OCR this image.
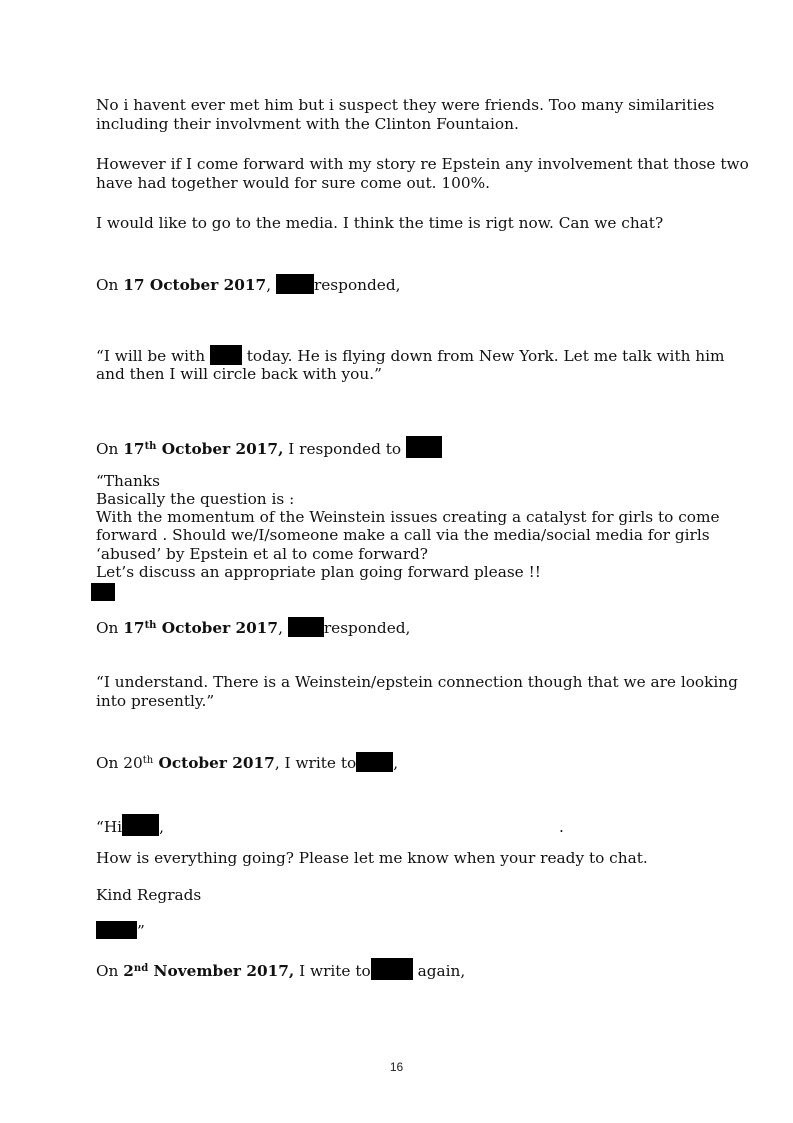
No i havent ever met him but i suspect they were friends. Too many similarities
including their involvment with the Clinton Fountaion.
However if I come forward with my story re Epstein any involvement that those two
have had together would for sure come out. 100%.
I would like to go to the media. I think the time is rigt now. Can we chat?
On 17 October 2017,	responded,
“I will be with  today. He is flying down from New York. Let me talk with him
and then I will circle back with you.”
On 17th October 2017, I responded to
“Thanks
Basically the question is :
With the momentum of the Weinstein issues creating a catalyst for girls to come
forward . Should we/I/someone make a call via the media/social media for girls
‘abused’ by Epstein et al to come forward?
Let’s discuss an appropriate plan going forward please !!
On 17th October 2017,	responded,
“I understand. There is a Weinstein/epstein connection though that we are looking
into presently.”
On 20th October 2017, I write to ,
“Hi ,	.
How is everything going? Please let me know when your ready to chat.
Kind Regrads
”
On 2nd November 2017, I write to	again,
16
